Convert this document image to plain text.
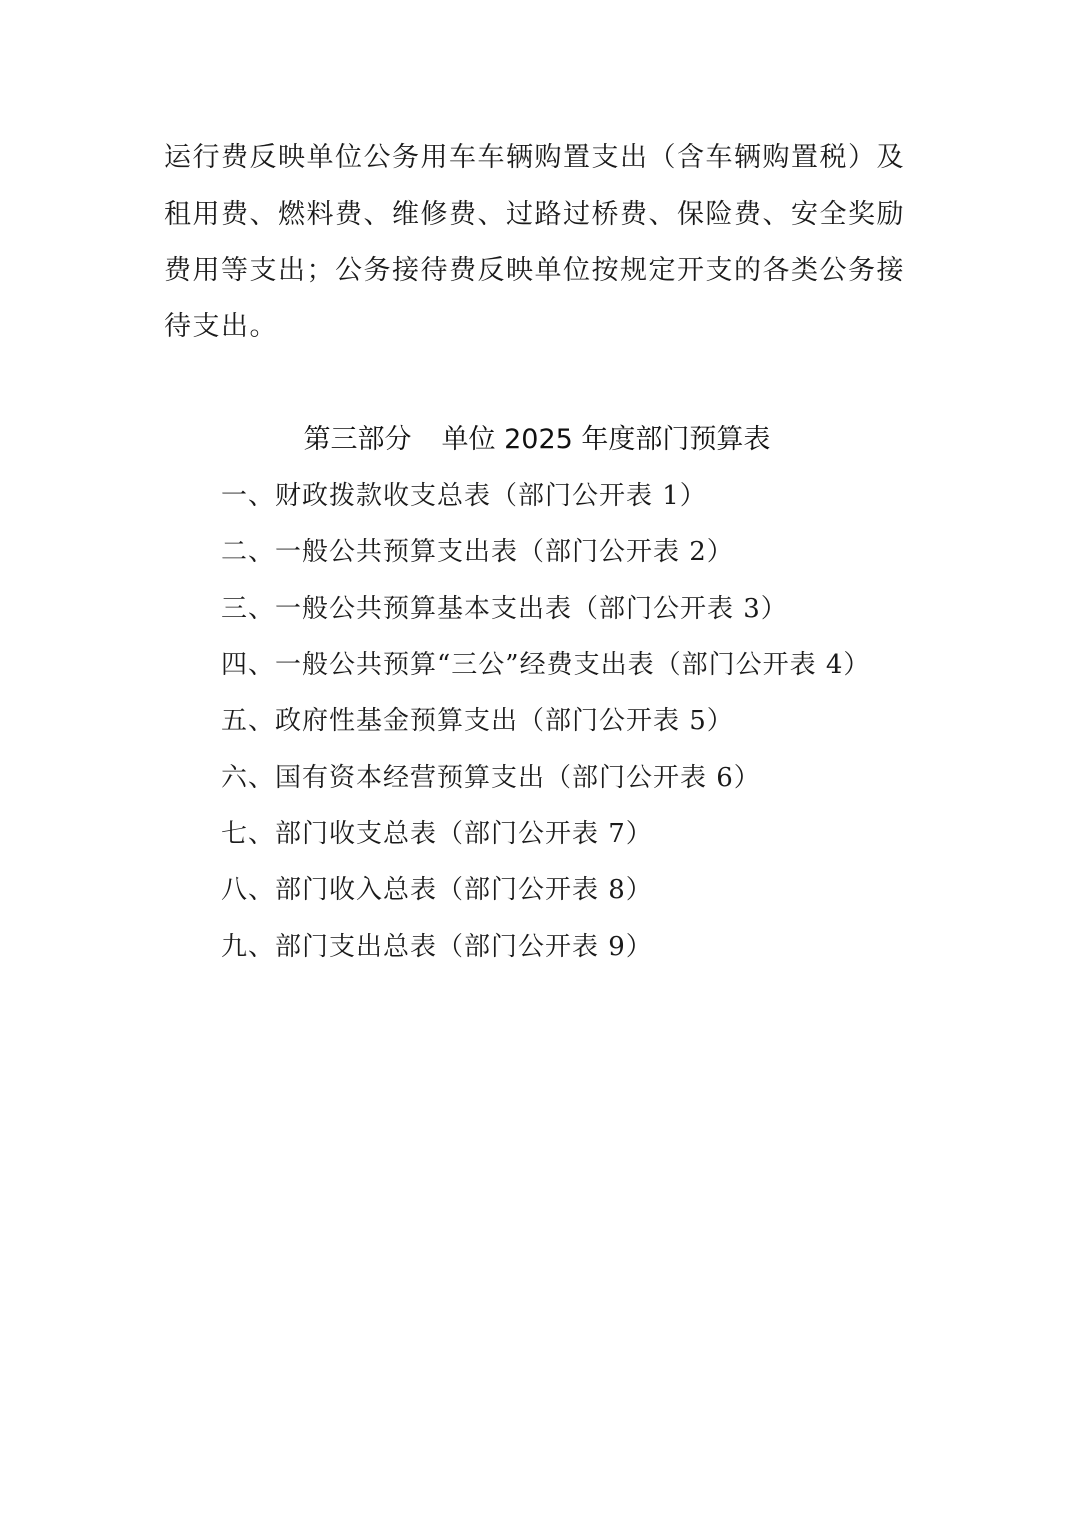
运行费反映单位公务用车车辆购置支出（含车辆购置税）及
租用费、燃料费、维修费、过路过桥费、保险费、安全奖励
费用等支出；公务接待费反映单位按规定开支的各类公务接
待支出。
第三部分 单位 2025 年度部门预算表
一、财政拨款收支总表（部门公开表 1）
二、一般公共预算支出表（部门公开表 2）
三、一般公共预算基本支出表（部门公开表 3）
四、一般公共预算“三公”经费支出表（部门公开表 4）
五、政府性基金预算支出（部门公开表 5）
六、国有资本经营预算支出（部门公开表 6）
七、部门收支总表（部门公开表 7）
八、部门收入总表（部门公开表 8）
九、部门支出总表（部门公开表 9）
